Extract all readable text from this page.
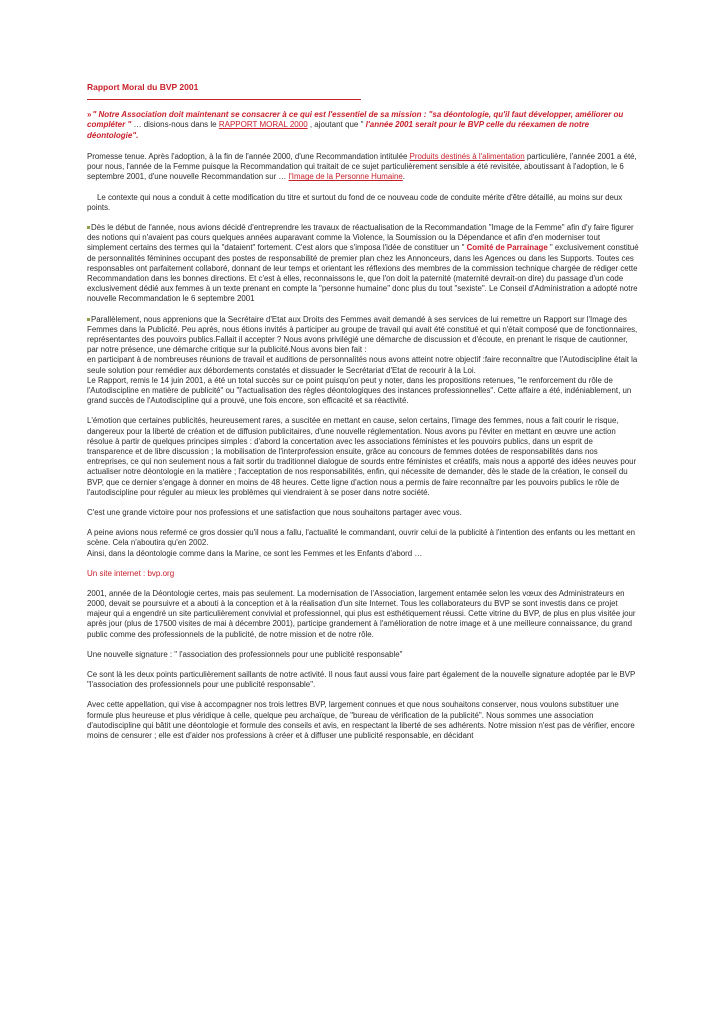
Rapport Moral du BVP 2001
» " Notre Association doit maintenant se consacrer à ce qui est l'essentiel de sa mission : "sa déontologie, qu'il faut développer, améliorer ou compléter " … disions-nous dans le RAPPORT MORAL 2000 , ajoutant que " l'année 2001 serait pour le BVP celle du réexamen de notre déontologie".

Promesse tenue. Après l'adoption, à la fin de l'année 2000, d'une Recommandation intitulée Produits destinés à l'alimentation particulière, l'année 2001 a été, pour nous, l'année de la Femme puisque la Recommandation qui traitait de ce sujet particulièrement sensible a été revisitée, aboutissant à l'adoption, le 6 septembre 2001, d'une nouvelle Recommandation sur … l'Image de la Personne Humaine.

Le contexte qui nous a conduit à cette modification du titre et surtout du fond de ce nouveau code de conduite mérite d'être détaillé, au moins sur deux points.

Dès le début de l'année, nous avions décidé d'entreprendre les travaux de réactualisation de la Recommandation "Image de la Femme" afin d'y faire figurer des notions qui n'avaient pas cours quelques années auparavant comme la Violence, la Soumission ou la Dépendance et afin d'en moderniser tout simplement certains des termes qui la "dataient" fortement. C'est alors que s'imposa l'idée de constituer un " Comité de Parrainage " exclusivement constitué de personnalités féminines occupant des postes de responsabilité de premier plan chez les Annonceurs, dans les Agences ou dans les Supports. Toutes ces responsables ont parfaitement collaboré, donnant de leur temps et orientant les réflexions des membres de la commission technique chargée de rédiger cette Recommandation dans les bonnes directions. Et c'est à elles, reconnaissons le, que l'on doit la paternité (maternité devrait-on dire) du passage d'un code exclusivement dédié aux femmes à un texte prenant en compte la "personne humaine" donc plus du tout "sexiste". Le Conseil d'Administration a adopté notre nouvelle Recommandation le 6 septembre 2001

Parallèlement, nous apprenions que la Secrétaire d'Etat aux Droits des Femmes avait demandé à ses services de lui remettre un Rapport sur l'Image des Femmes dans la Publicité. Peu après, nous étions invités à participer au groupe de travail qui avait été constitué et qui n'était composé que de fonctionnaires, représentantes des pouvoirs publics.Fallait il accepter ? Nous avons privilégié une démarche de discussion et d'écoute, en prenant le risque de cautionner, par notre présence, une démarche critique sur la publicité.Nous avons bien fait :
en participant à de nombreuses réunions de travail et auditions de personnalités nous avons atteint notre objectif :faire reconnaître que l'Autodiscipline était la seule solution pour remédier aux débordements constatés et dissuader le Secrétariat d'Etat de recourir à la Loi.
Le Rapport, remis le 14 juin 2001, a été un total succès sur ce point puisqu'on peut y noter, dans les propositions retenues, "le renforcement du rôle de l'Autodiscipline en matière de publicité" ou "l'actualisation des règles déontologiques des instances professionnelles". Cette affaire a été, indéniablement, un grand succès de l'Autodiscipline qui a prouvé, une fois encore, son efficacité et sa réactivité.

L'émotion que certaines publicités, heureusement rares, a suscitée en mettant en cause, selon certains, l'image des femmes, nous a fait courir le risque, dangereux pour la liberté de création et de diffusion publicitaires, d'une nouvelle réglementation. Nous avons pu l'éviter en mettant en œuvre une action résolue à partir de quelques principes simples : d'abord la concertation avec les associations féministes et les pouvoirs publics, dans un esprit de transparence et de libre discussion ; la mobilisation de l'interprofession ensuite, grâce au concours de femmes dotées de responsabilités dans nos entreprises, ce qui non seulement nous a fait sortir du traditionnel dialogue de sourds entre féministes et créatifs, mais nous a apporté des idées neuves pour actualiser notre déontologie en la matière ; l'acceptation de nos responsabilités, enfin, qui nécessite de demander, dès le stade de la création, le conseil du BVP, que ce dernier s'engage à donner en moins de 48 heures. Cette ligne d'action nous a permis de faire reconnaître par les pouvoirs publics le rôle de l'autodiscipline pour réguler au mieux les problèmes qui viendraient à se poser dans notre société.

C'est une grande victoire pour nos professions et une satisfaction que nous souhaitons partager avec vous.

A peine avions nous refermé ce gros dossier qu'il nous a fallu, l'actualité le commandant, ouvrir celui de la publicité à l'intention des enfants ou les mettant en scène. Cela n'aboutira qu'en 2002.
Ainsi, dans la déontologie comme dans la Marine, ce sont les Femmes et les Enfants d'abord …

Un site internet : bvp.org

2001, année de la Déontologie certes, mais pas seulement. La modernisation de l'Association, largement entamée selon les vœux des Administrateurs en 2000, devait se poursuivre et a abouti à la conception et à la réalisation d'un site Internet. Tous les collaborateurs du BVP se sont investis dans ce projet majeur qui a engendré un site particulièrement convivial et professionnel, qui plus est esthétiquement réussi. Cette vitrine du BVP, de plus en plus visitée jour après jour (plus de 17500 visites de mai à décembre 2001), participe grandement à l'amélioration de notre image et à une meilleure connaissance, du grand public comme des professionnels de la publicité, de notre mission et de notre rôle.

Une nouvelle signature : " l'association des professionnels pour une publicité responsable"

Ce sont là les deux points particulièrement saillants de notre activité. Il nous faut aussi vous faire part également de la nouvelle signature adoptée par le BVP "l'association des professionnels pour une publicité responsable".

Avec cette appellation, qui vise à accompagner nos trois lettres BVP, largement connues et que nous souhaitons conserver, nous voulons substituer une formule plus heureuse et plus véridique à celle, quelque peu archaïque, de "bureau de vérification de la publicité". Nous sommes une association d'autodiscipline qui bâtit une déontologie et formule des conseils et avis, en respectant la liberté de ses adhérents. Notre mission n'est pas de vérifier, encore moins de censurer ; elle est d'aider nos professions à créer et à diffuser une publicité responsable, en décidant
